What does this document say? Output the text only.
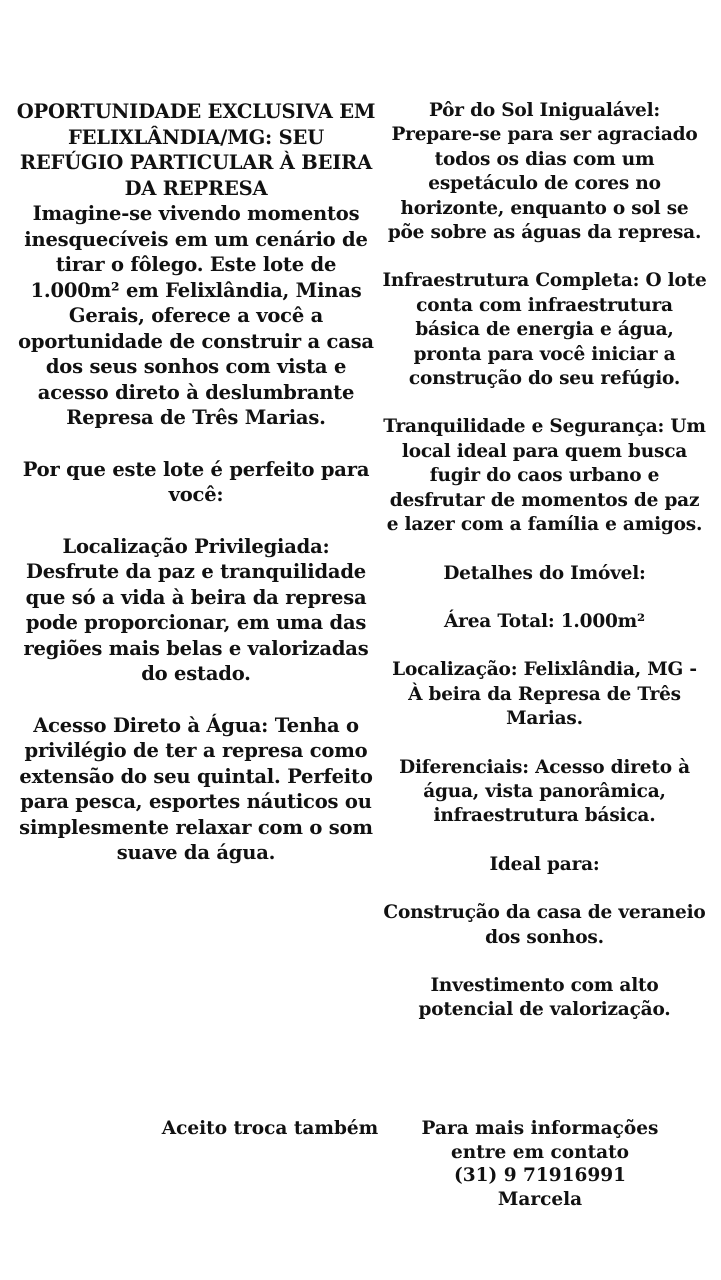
OPORTUNIDADE EXCLUSIVA EM FELIXLÂNDIA/MG: SEU REFÚGIO PARTICULAR À BEIRA DA REPRESA

Imagine-se vivendo momentos inesquecíveis em um cenário de tirar o fôlego. Este lote de 1.000m² em Felixlândia, Minas Gerais, oferece a você a oportunidade de construir a casa dos seus sonhos com vista e acesso direto à deslumbrante Represa de Três Marias.

Por que este lote é perfeito para você:

Localização Privilegiada: Desfrute da paz e tranquilidade que só a vida à beira da represa pode proporcionar, em uma das regiões mais belas e valorizadas do estado.

Acesso Direto à Água: Tenha o privilégio de ter a represa como extensão do seu quintal. Perfeito para pesca, esportes náuticos ou simplesmente relaxar com o som suave da água.

Pôr do Sol Inigualável: Prepare-se para ser agraciado todos os dias com um espetáculo de cores no horizonte, enquanto o sol se põe sobre as águas da represa.

Infraestrutura Completa: O lote conta com infraestrutura básica de energia e água, pronta para você iniciar a construção do seu refúgio.

Tranquilidade e Segurança: Um local ideal para quem busca fugir do caos urbano e desfrutar de momentos de paz e lazer com a família e amigos.

Detalhes do Imóvel:

Área Total: 1.000m²

Localização: Felixlândia, MG - À beira da Represa de Três Marias.

Diferenciais: Acesso direto à água, vista panorâmica, infraestrutura básica.

Ideal para:

Construção da casa de veraneio dos sonhos.

Investimento com alto potencial de valorização.

Aceito troca também	Para mais informações
entre em contato
(31) 9 71916991
Marcela
